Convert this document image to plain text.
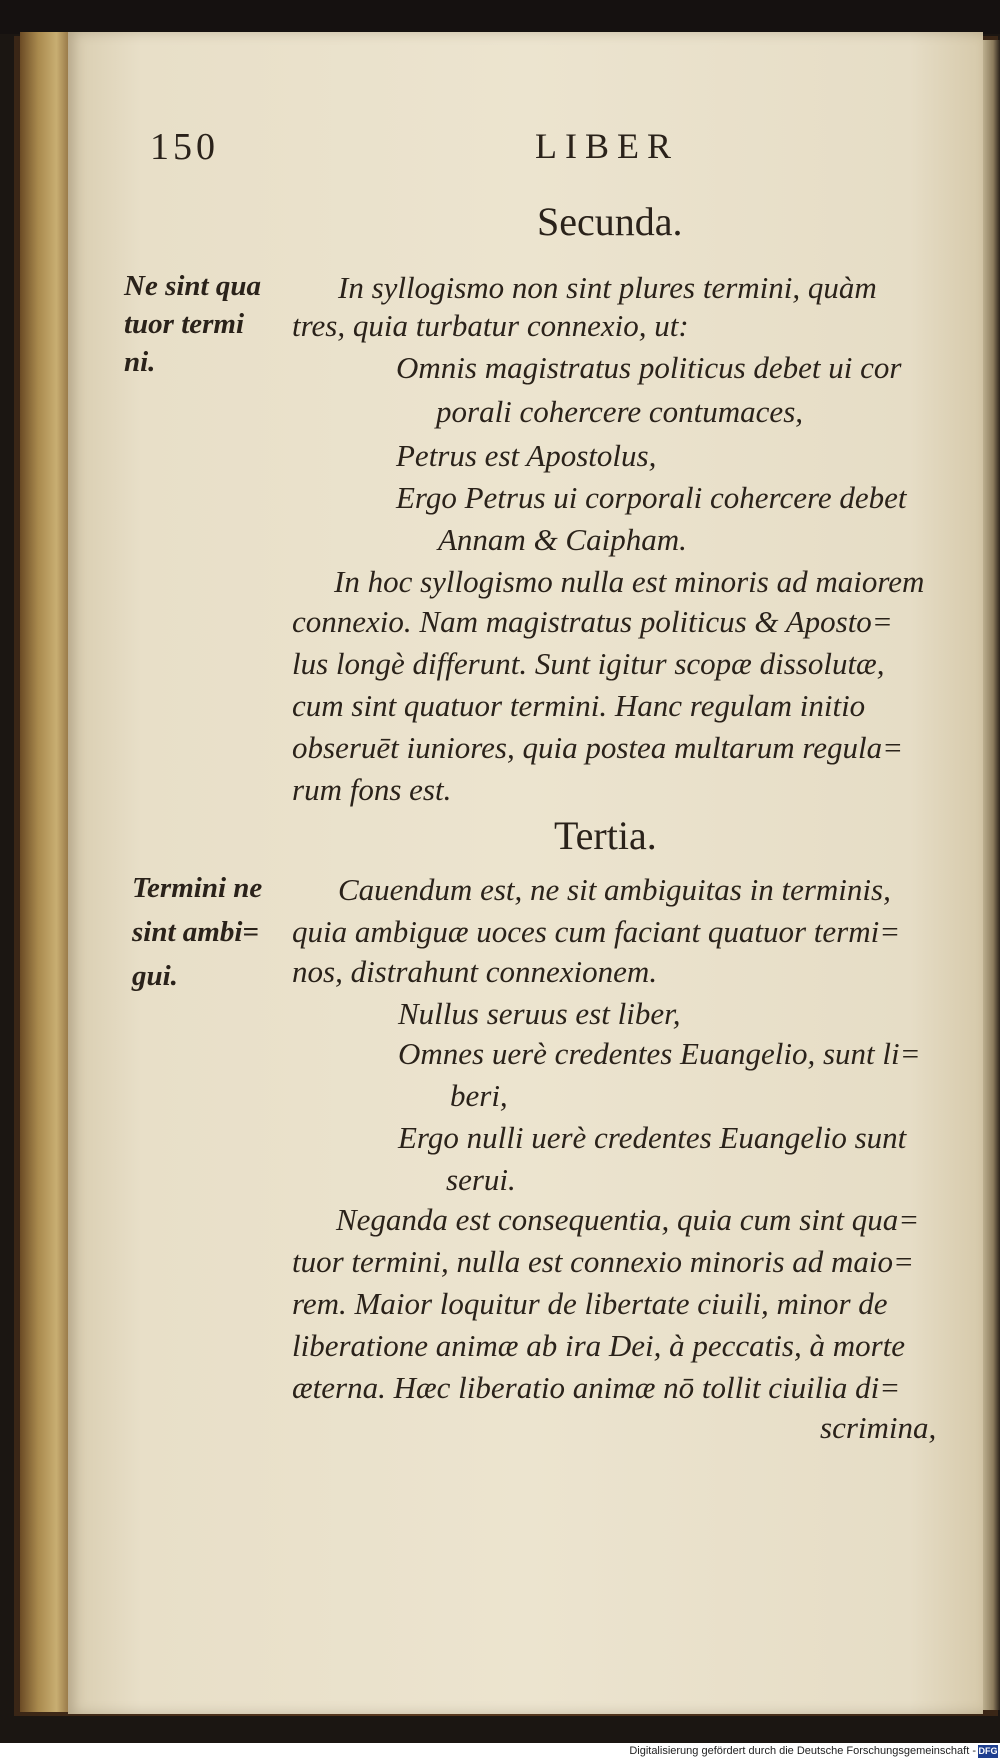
150	LIBER
Secunda.
Ne sint qua
tuor termi
ni.
In syllogismo non sint plures termini, quàm
tres, quia turbatur connexio, ut:
Omnis magistratus politicus debet ui cor
porali cohercere contumaces,
Petrus est Apostolus,
Ergo Petrus ui corporali cohercere debet
Annam & Caipham.
In hoc syllogismo nulla est minoris ad maiorem
connexio. Nam magistratus politicus & Aposto=
lus longè differunt. Sunt igitur scopæ dissolutæ,
cum sint quatuor termini. Hanc regulam initio
obseruēt iuniores, quia postea multarum regula=
rum fons est.
Tertia.
Termini ne
sint ambi=
gui.
Cauendum est, ne sit ambiguitas in terminis,
quia ambiguæ uoces cum faciant quatuor termi=
nos, distrahunt connexionem.
Nullus seruus est liber,
Omnes uerè credentes Euangelio, sunt li=
beri,
Ergo nulli uerè credentes Euangelio sunt
serui.
Neganda est consequentia, quia cum sint qua=
tuor termini, nulla est connexio minoris ad maio=
rem. Maior loquitur de libertate ciuili, minor de
liberatione animæ ab ira Dei, à peccatis, à morte
æterna. Hæc liberatio animæ nō tollit ciuilia di=
scrimina,
Digitalisierung gefördert durch die Deutsche Forschungsgemeinschaft - DFG
